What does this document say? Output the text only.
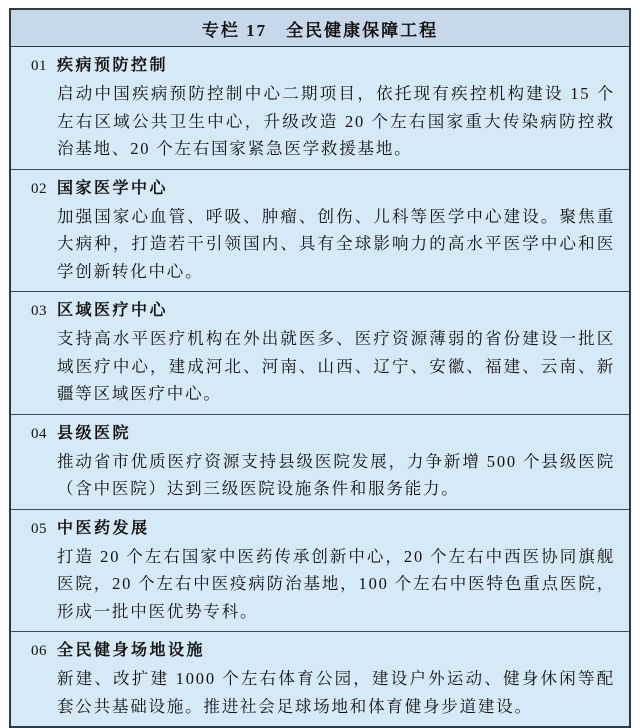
专栏 17　全民健康保障工程
01 疾病预防控制

启动中国疾病预防控制中心二期项目，依托现有疾控机构建设 15 个左右区域公共卫生中心，升级改造 20 个左右国家重大传染病防控救治基地、20 个左右国家紧急医学救援基地。

02 国家医学中心

加强国家心血管、呼吸、肿瘤、创伤、儿科等医学中心建设。聚焦重大病种，打造若干引领国内、具有全球影响力的高水平医学中心和医学创新转化中心。

03 区域医疗中心

支持高水平医疗机构在外出就医多、医疗资源薄弱的省份建设一批区域医疗中心，建成河北、河南、山西、辽宁、安徽、福建、云南、新疆等区域医疗中心。

04 县级医院

推动省市优质医疗资源支持县级医院发展，力争新增 500 个县级医院（含中医院）达到三级医院设施条件和服务能力。

05 中医药发展

打造 20 个左右国家中医药传承创新中心，20 个左右中西医协同旗舰医院，20 个左右中医疫病防治基地，100 个左右中医特色重点医院，形成一批中医优势专科。

06 全民健身场地设施

新建、改扩建 1000 个左右体育公园，建设户外运动、健身休闲等配套公共基础设施。推进社会足球场地和体育健身步道建设。
